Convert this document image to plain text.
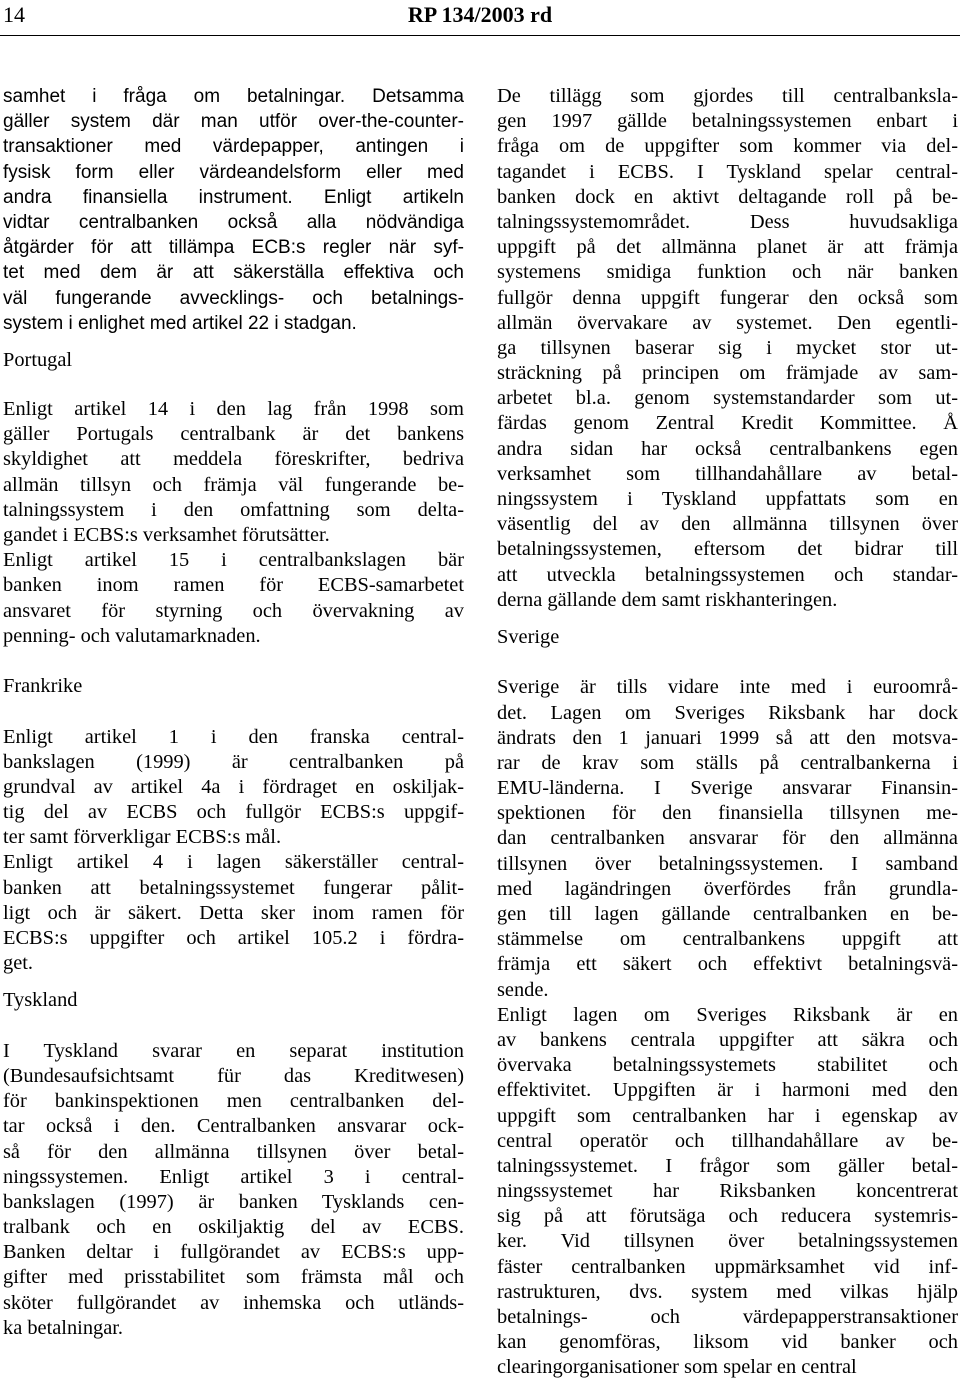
14	RP 134/2003 rd
samhet i fråga om betalningar. Detsamma
gäller system där man utför over-the-counter-
transaktioner med värdepapper, antingen i
fysisk form eller värdeandelsform eller med
andra finansiella instrument. Enligt artikeln
vidtar centralbanken också alla nödvändiga
åtgärder för att tillämpa ECB:s regler när syf-
tet med dem är att säkerställa effektiva och
väl fungerande avvecklings- och betalnings-
system i enlighet med artikel 22 i stadgan.
Portugal
Enligt artikel 14 i den lag från 1998 som
gäller Portugals centralbank är det bankens
skyldighet att meddela föreskrifter, bedriva
allmän tillsyn och främja väl fungerande be-
talningssystem i den omfattning som delta-
gandet i ECBS:s verksamhet förutsätter.
Enligt artikel 15 i centralbankslagen bär
banken inom ramen för ECBS-samarbetet
ansvaret för styrning och övervakning av
penning- och valutamarknaden.
Frankrike
Enligt artikel 1 i den franska central-
bankslagen (1999) är centralbanken på
grundval av artikel 4a i fördraget en oskiljak-
tig del av ECBS och fullgör ECBS:s uppgif-
ter samt förverkligar ECBS:s mål.
Enligt artikel 4 i lagen säkerställer central-
banken att betalningssystemet fungerar pålit-
ligt och är säkert. Detta sker inom ramen för
ECBS:s uppgifter och artikel 105.2 i fördra-
get.
Tyskland
I Tyskland svarar en separat institution
(Bundesaufsichtsamt für das Kreditwesen)
för bankinspektionen men centralbanken del-
tar också i den. Centralbanken ansvarar ock-
så för den allmänna tillsynen över betal-
ningssystemen. Enligt artikel 3 i central-
bankslagen (1997) är banken Tysklands cen-
tralbank och en oskiljaktig del av ECBS.
Banken deltar i fullgörandet av ECBS:s upp-
gifter med prisstabilitet som främsta mål och
sköter fullgörandet av inhemska och utländs-
ka betalningar.
De tillägg som gjordes till centralbanksla-
gen 1997 gällde betalningssystemen enbart i
fråga om de uppgifter som kommer via del-
tagandet i ECBS. I Tyskland spelar central-
banken dock en aktivt deltagande roll på be-
talningssystemområdet. Dess huvudsakliga
uppgift på det allmänna planet är att främja
systemens smidiga funktion och när banken
fullgör denna uppgift fungerar den också som
allmän övervakare av systemet. Den egentli-
ga tillsynen baserar sig i mycket stor ut-
sträckning på principen om främjade av sam-
arbetet bl.a. genom systemstandarder som ut-
färdas genom Zentral Kredit Kommittee. Å
andra sidan har också centralbankens egen
verksamhet som tillhandahållare av betal-
ningssystem i Tyskland uppfattats som en
väsentlig del av den allmänna tillsynen över
betalningssystemen, eftersom det bidrar till
att utveckla betalningssystemen och standar-
derna gällande dem samt riskhanteringen.
Sverige
Sverige är tills vidare inte med i euroområ-
det. Lagen om Sveriges Riksbank har dock
ändrats den 1 januari 1999 så att den motsva-
rar de krav som ställs på centralbankerna i
EMU-länderna. I Sverige ansvarar Finansin-
spektionen för den finansiella tillsynen me-
dan centralbanken ansvarar för den allmänna
tillsynen över betalningssystemen. I samband
med lagändringen överfördes från grundla-
gen till lagen gällande centralbanken en be-
stämmelse om centralbankens uppgift att
främja ett säkert och effektivt betalningsvä-
sende.
Enligt lagen om Sveriges Riksbank är en
av bankens centrala uppgifter att säkra och
övervaka betalningssystemets stabilitet och
effektivitet. Uppgiften är i harmoni med den
uppgift som centralbanken har i egenskap av
central operatör och tillhandahållare av be-
talningssystemet. I frågor som gäller betal-
ningssystemet har Riksbanken koncentrerat
sig på att förutsäga och reducera systemris-
ker. Vid tillsynen över betalningssystemen
fäster centralbanken uppmärksamhet vid inf-
rastrukturen, dvs. system med vilkas hjälp
betalnings- och värdepapperstransaktioner
kan genomföras, liksom vid banker och
clearingorganisationer som spelar en central
